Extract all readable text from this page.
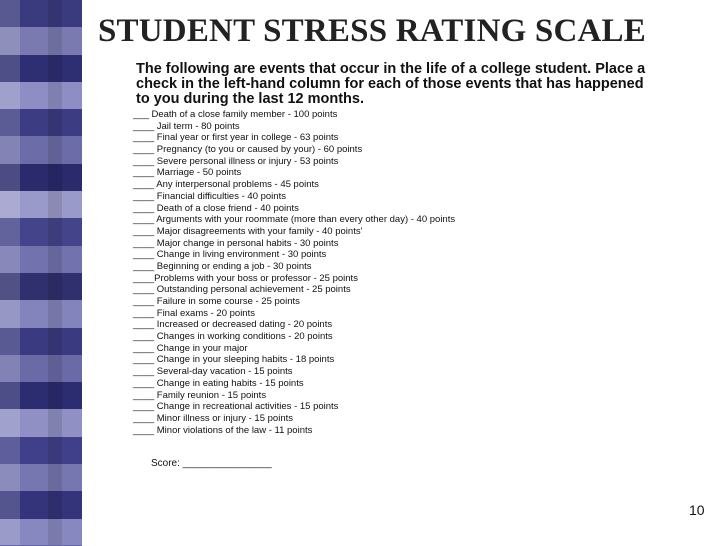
STUDENT STRESS RATING SCALE

The following are events that occur in the life of a college student. Place a check in the left-hand column for each of those events that has happened to you during the last 12 months.

___ Death of a close family member - 100 points
____ Jail term - 80 points
____ Final year or first year in college - 63 points
____ Pregnancy (to you or caused by your) - 60 points
____ Severe personal illness or injury - 53 points
____ Marriage - 50 points
____ Any interpersonal problems - 45 points
____ Financial difficulties - 40 points
____ Death of a close friend - 40 points
____ Arguments with your roommate (more than every other day) - 40 points
____ Major disagreements with your family - 40 points'
____ Major change in personal habits - 30 points
____ Change in living environment - 30 points
____ Beginning or ending a job - 30 points
____Problems with your boss or professor - 25 points
____ Outstanding personal achievement - 25 points
____ Failure in some course - 25 points
____ Final exams - 20 points
____ Increased or decreased dating - 20 points
____ Changes in working conditions - 20 points
____ Change in your major
____ Change in your sleeping habits - 18 points
____ Several-day vacation - 15 points
____ Change in eating habits - 15 points
____ Family reunion - 15 points
____ Change in recreational activities - 15 points
____ Minor illness or injury - 15 points
____ Minor violations of the law - 11 points
Score: ________________
10
